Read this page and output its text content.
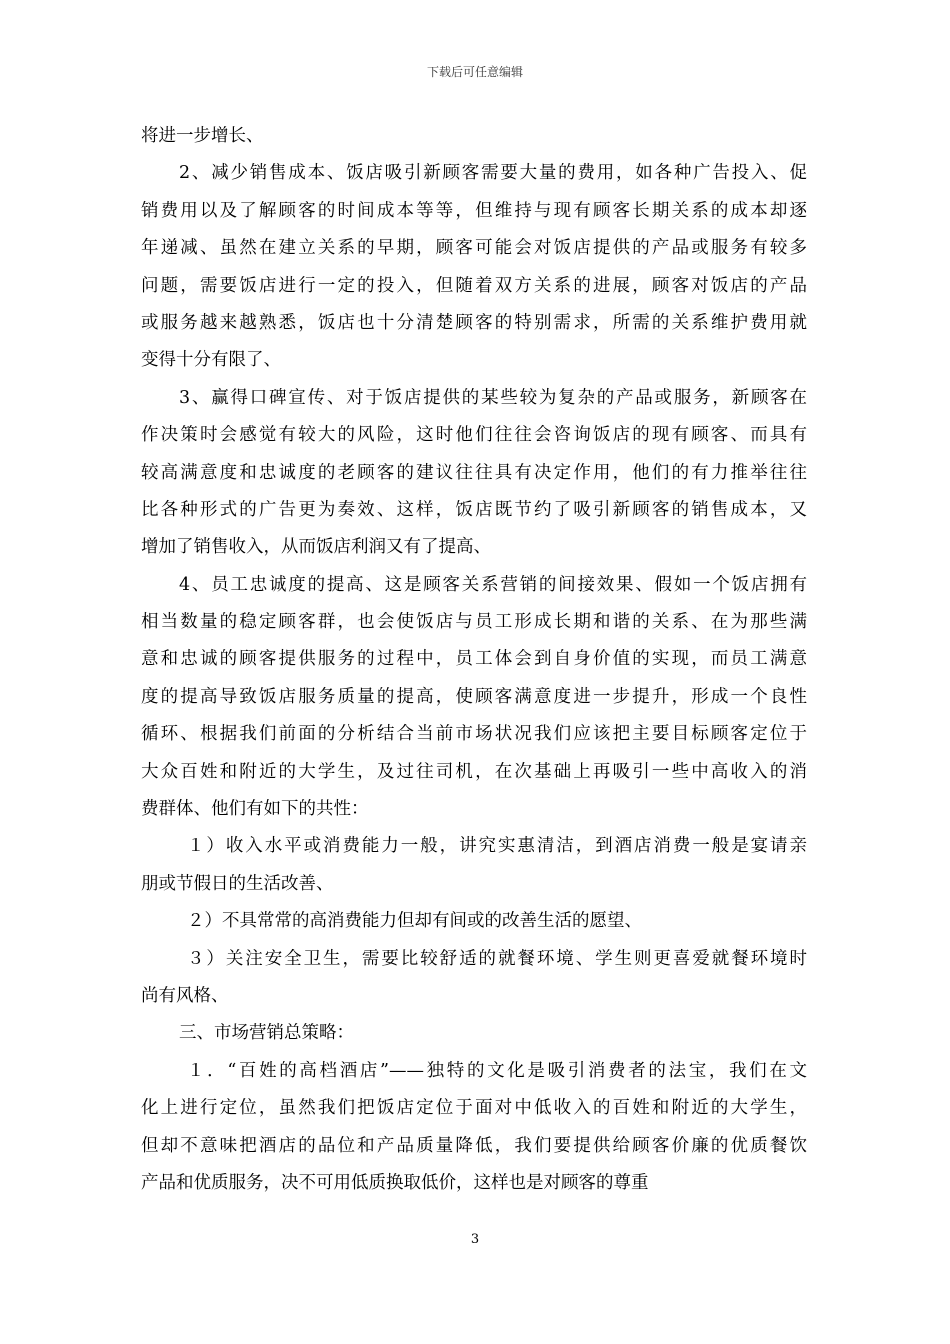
下载后可任意编辑
将进一步增长、
2、减少销售成本、饭店吸引新顾客需要大量的费用，如各种广告投入、促
销费用以及了解顾客的时间成本等等，但维持与现有顾客长期关系的成本却逐
年递减、虽然在建立关系的早期，顾客可能会对饭店提供的产品或服务有较多
问题，需要饭店进行一定的投入，但随着双方关系的进展，顾客对饭店的产品
或服务越来越熟悉，饭店也十分清楚顾客的特别需求，所需的关系维护费用就
变得十分有限了、
3、赢得口碑宣传、对于饭店提供的某些较为复杂的产品或服务，新顾客在
作决策时会感觉有较大的风险，这时他们往往会咨询饭店的现有顾客、而具有
较高满意度和忠诚度的老顾客的建议往往具有决定作用，他们的有力推举往往
比各种形式的广告更为奏效、这样，饭店既节约了吸引新顾客的销售成本，又
增加了销售收入，从而饭店利润又有了提高、
4、员工忠诚度的提高、这是顾客关系营销的间接效果、假如一个饭店拥有
相当数量的稳定顾客群，也会使饭店与员工形成长期和谐的关系、在为那些满
意和忠诚的顾客提供服务的过程中，员工体会到自身价值的实现，而员工满意
度的提高导致饭店服务质量的提高，使顾客满意度进一步提升，形成一个良性
循环、根据我们前面的分析结合当前市场状况我们应该把主要目标顾客定位于
大众百姓和附近的大学生，及过往司机，在次基础上再吸引一些中高收入的消
费群体、他们有如下的共性：
１）收入水平或消费能力一般，讲究实惠清洁，到酒店消费一般是宴请亲
朋或节假日的生活改善、
２）不具常常的高消费能力但却有间或的改善生活的愿望、
３）关注安全卫生，需要比较舒适的就餐环境、学生则更喜爱就餐环境时
尚有风格、
三、市场营销总策略：
１．“百姓的高档酒店”——独特的文化是吸引消费者的法宝，我们在文
化上进行定位，虽然我们把饭店定位于面对中低收入的百姓和附近的大学生，
但却不意味把酒店的品位和产品质量降低，我们要提供给顾客价廉的优质餐饮
产品和优质服务，决不可用低质换取低价，这样也是对顾客的尊重
3
